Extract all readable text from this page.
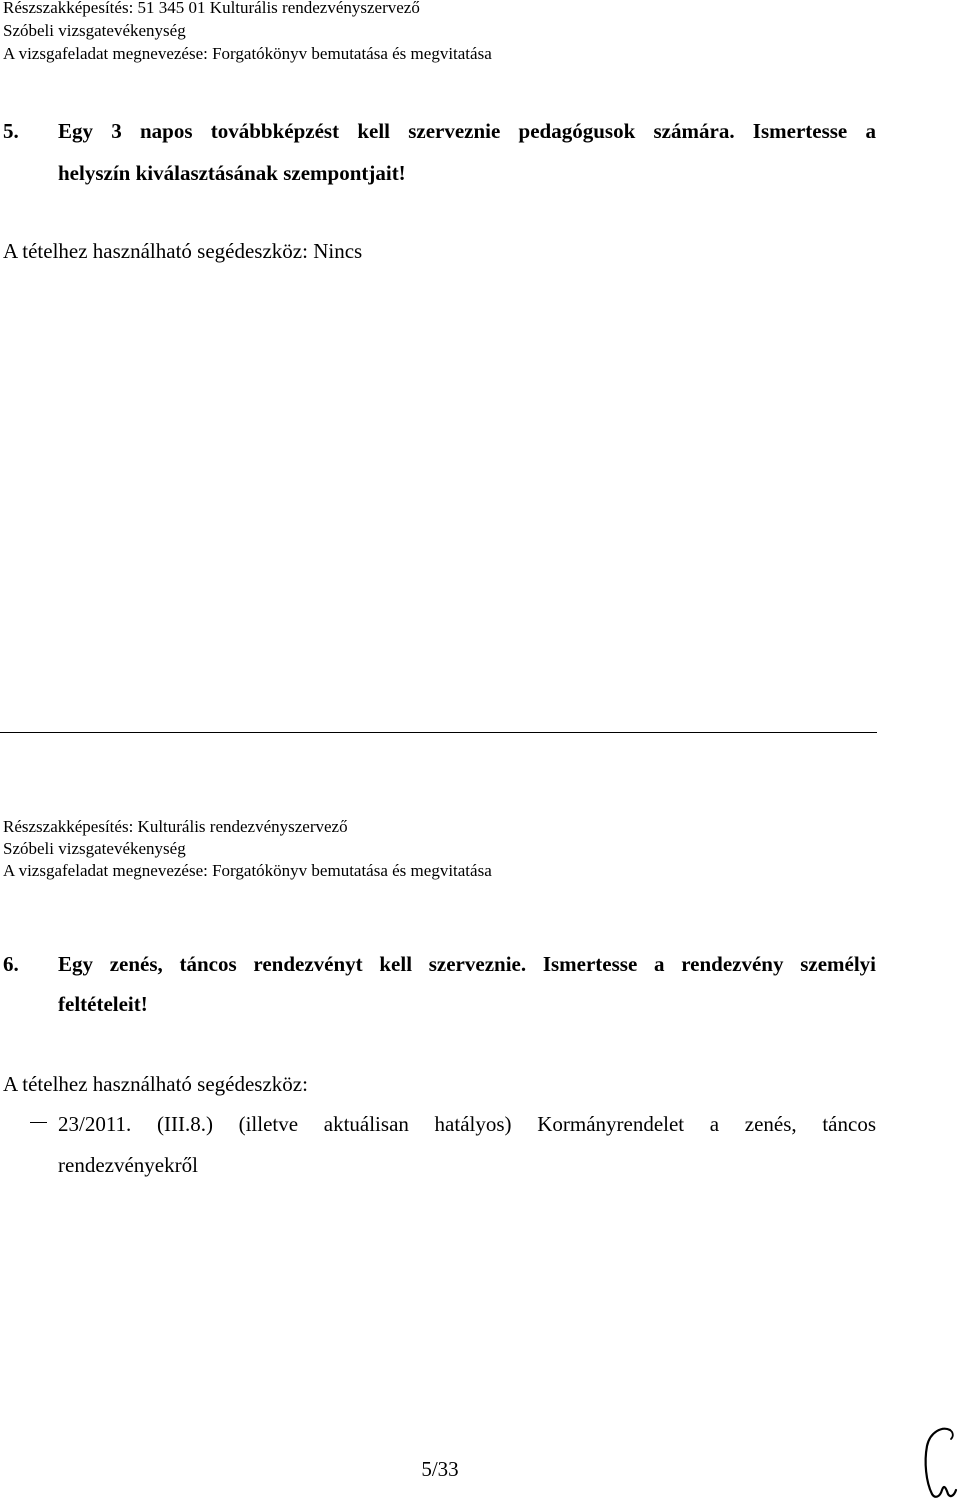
Részszakképesítés: 51 345 01 Kulturális rendezvényszervező
Szóbeli vizsgatevékenység
A vizsgafeladat megnevezése: Forgatókönyv bemutatása és megvitatása
5. Egy 3 napos továbbképzést kell szerveznie pedagógusok számára. Ismertesse a
helyszín kiválasztásának szempontjait!
A tételhez használható segédeszköz: Nincs
Részszakképesítés: Kulturális rendezvényszervező
Szóbeli vizsgatevékenység
A vizsgafeladat megnevezése: Forgatókönyv bemutatása és megvitatása
6. Egy zenés, táncos rendezvényt kell szerveznie. Ismertesse a rendezvény személyi
feltételeit!
A tételhez használható segédeszköz:
23/2011. (III.8.) (illetve aktuálisan hatályos) Kormányrendelet a zenés, táncos
rendezvényekről
5/33
